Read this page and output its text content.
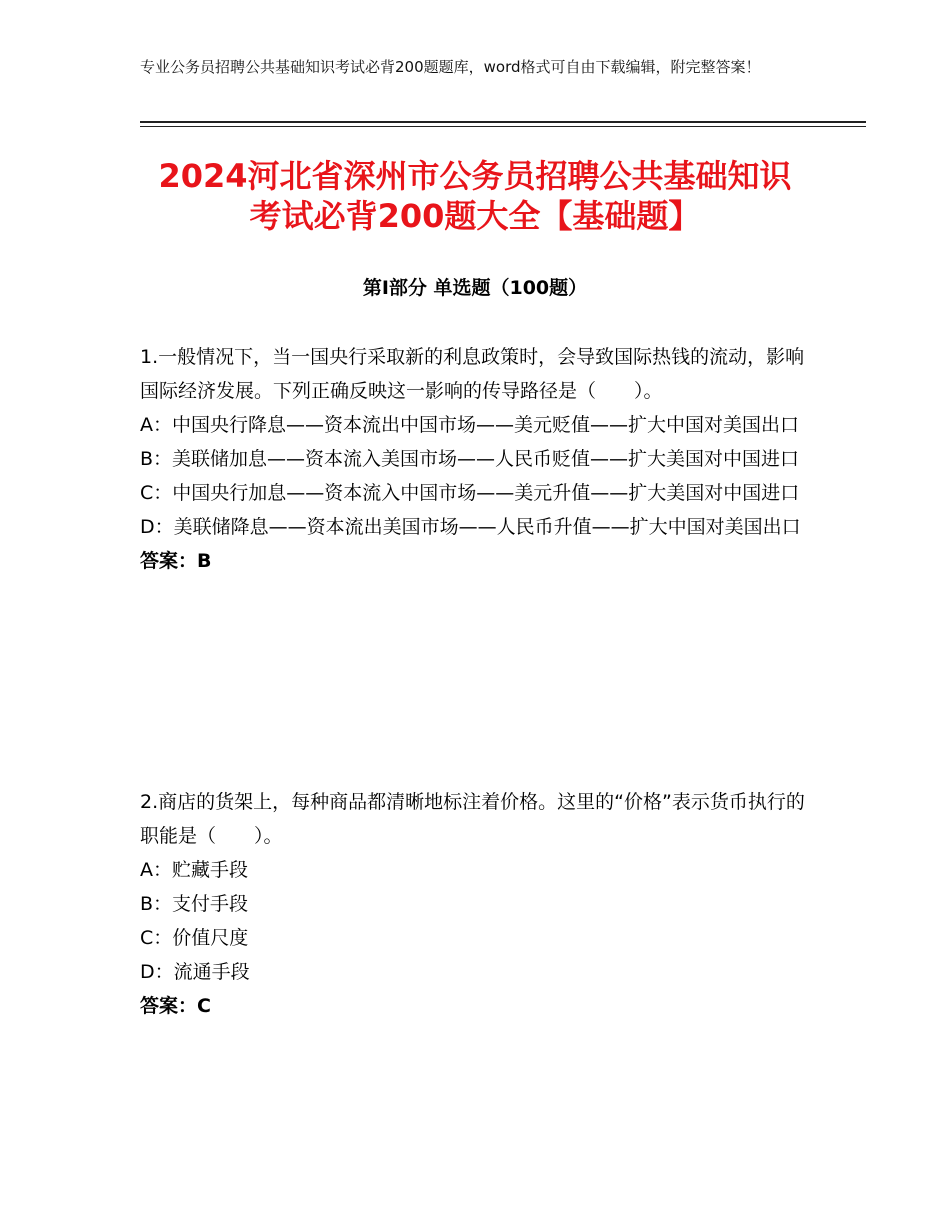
专业公务员招聘公共基础知识考试必背200题题库，word格式可自由下载编辑，附完整答案！
2024河北省深州市公务员招聘公共基础知识
考试必背200题大全【基础题】
第Ⅰ部分 单选题（100题）

1.一般情况下，当一国央行采取新的利息政策时，会导致国际热钱的流动，影响国际经济发展。下列正确反映这一影响的传导路径是（　　）。

A：中国央行降息——资本流出中国市场——美元贬值——扩大中国对美国出口

B：美联储加息——资本流入美国市场——人民币贬值——扩大美国对中国进口

C：中国央行加息——资本流入中国市场——美元升值——扩大美国对中国进口

D：美联储降息——资本流出美国市场——人民币升值——扩大中国对美国出口

答案：B

2.商店的货架上，每种商品都清晰地标注着价格。这里的“价格”表示货币执行的职能是（　　）。

A：贮藏手段

B：支付手段

C：价值尺度

D：流通手段

答案：C
